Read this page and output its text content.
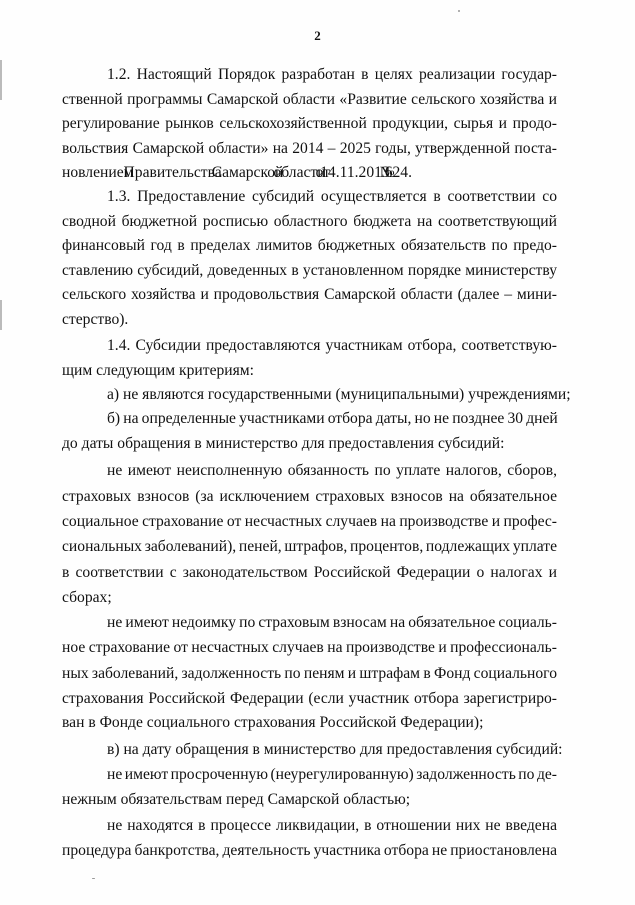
2
1.2. Настоящий Порядок разработан в целях реализации государ-
ственной программы Самарской области «Развитие сельского хозяйства и
регулирование рынков сельскохозяйственной продукции, сырья и продо-
вольствия Самарской области» на 2014 – 2025 годы, утвержденной поста-
новлением Правительства Самарской области от 14.11.2013 № 624.
1.3. Предоставление субсидий осуществляется в соответствии со
сводной бюджетной росписью областного бюджета на соответствующий
финансовый год в пределах лимитов бюджетных обязательств по предо-
ставлению субсидий, доведенных в установленном порядке министерству
сельского хозяйства и продовольствия Самарской области (далее – мини-
стерство).
1.4. Субсидии предоставляются участникам отбора, соответствую-
щим следующим критериям:
а) не являются государственными (муниципальными) учреждениями;
б) на определенные участниками отбора даты, но не позднее 30 дней
до даты обращения в министерство для предоставления субсидий:
не имеют неисполненную обязанность по уплате налогов, сборов,
страховых взносов (за исключением страховых взносов на обязательное
социальное страхование от несчастных случаев на производстве и профес-
сиональных заболеваний), пеней, штрафов, процентов, подлежащих уплате
в соответствии с законодательством Российской Федерации о налогах и
сборах;
не имеют недоимку по страховым взносам на обязательное социаль-
ное страхование от несчастных случаев на производстве и профессиональ-
ных заболеваний, задолженность по пеням и штрафам в Фонд социального
страхования Российской Федерации (если участник отбора зарегистриро-
ван в Фонде социального страхования Российской Федерации);
в) на дату обращения в министерство для предоставления субсидий:
не имеют просроченную (неурегулированную) задолженность по де-
нежным обязательствам перед Самарской областью;
не находятся в процессе ликвидации, в отношении них не введена
процедура банкротства, деятельность участника отбора не приостановлена
